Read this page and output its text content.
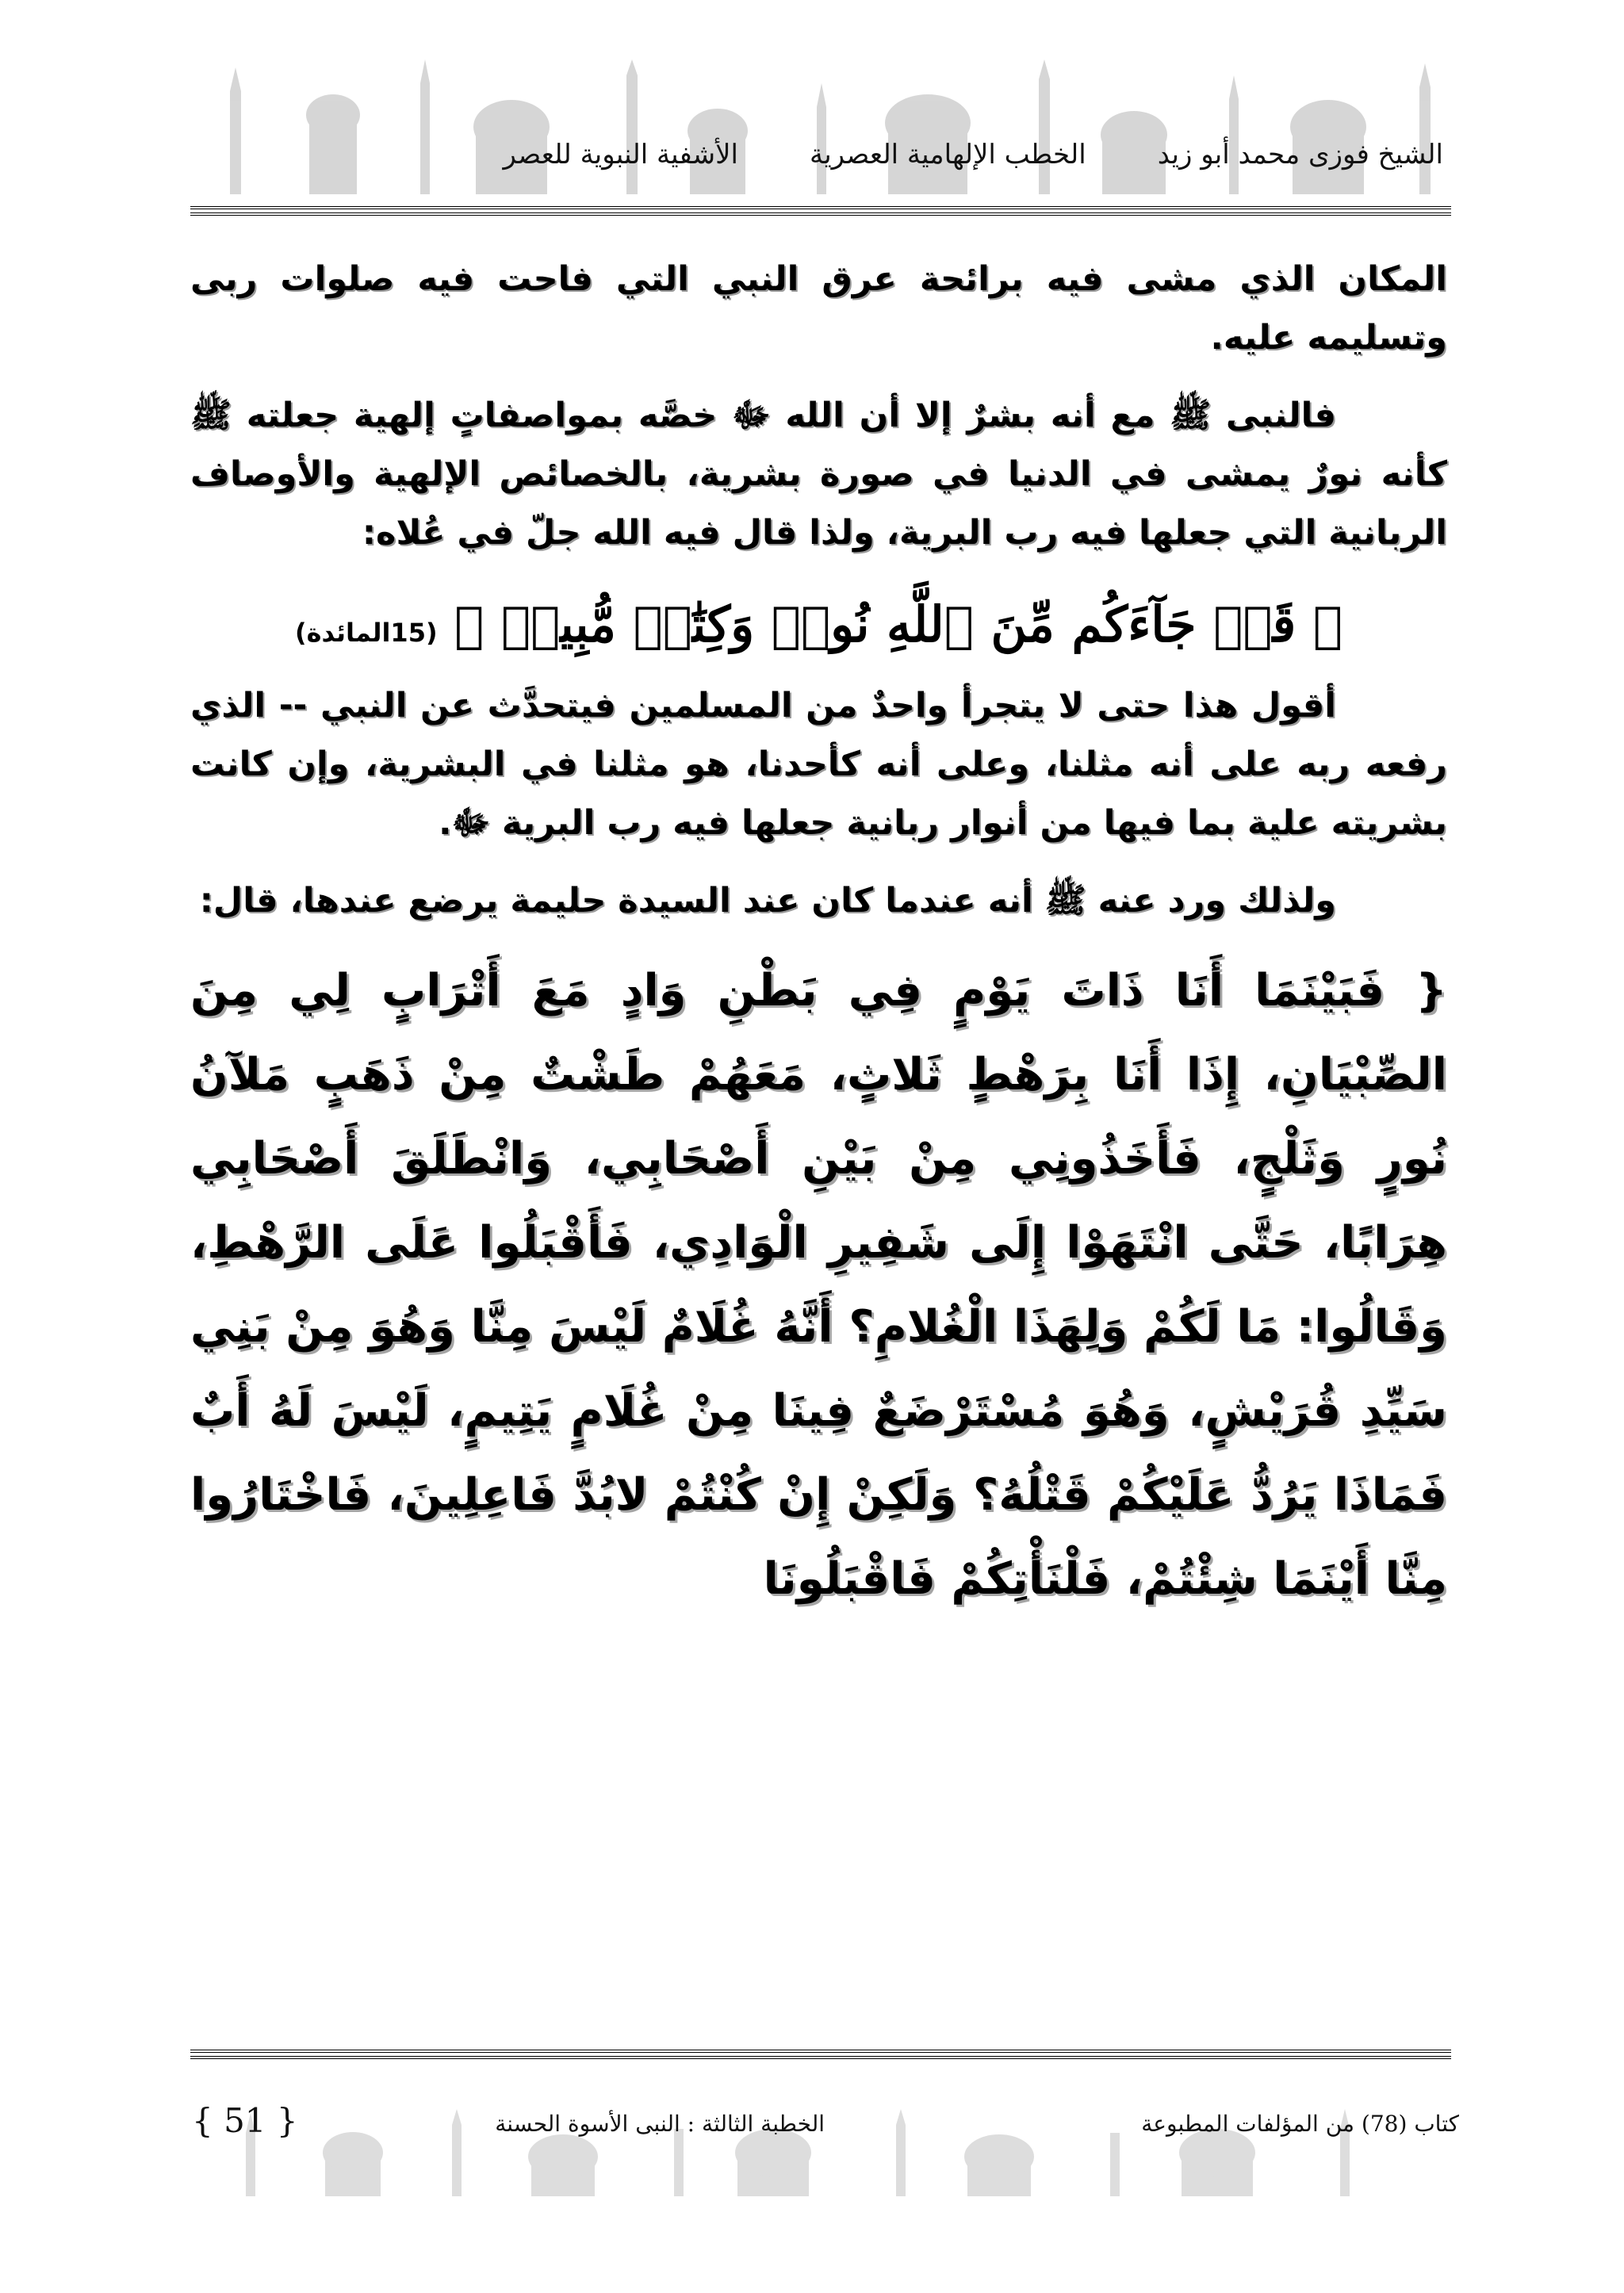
الشيخ فوزى محمد أبو زيد
الخطب الإلهامية العصرية
الأشفية النبوية للعصر

المكان الذي مشى فيه برائحة عرق النبي التي فاحت فيه صلوات ربى وتسليمه عليه.

فالنبى ﷺ مع أنه بشرٌ إلا أن الله ﷻ خصَّه بمواصفاتٍ إلهية جعلته ﷺ كأنه نورٌ يمشى في الدنيا في صورة بشرية، بالخصائص الإلهية والأوصاف الربانية التي جعلها فيه رب البرية، ولذا قال فيه الله جلّ في عُلاه:

﴿ قَدۡ جَآءَكُم مِّنَ ٱللَّهِ نُورٞ وَكِتَٰبٞ مُّبِينٞ ﴾ (15المائدة)

أقول هذا حتى لا يتجرأ واحدٌ من المسلمين فيتحدَّث عن النبي -- الذي رفعه ربه على أنه مثلنا، وعلى أنه كأحدنا، هو مثلنا في البشرية، وإن كانت بشريته علية بما فيها من أنوار ربانية جعلها فيه رب البرية ﷻ.

ولذلك ورد عنه ﷺ أنه عندما كان عند السيدة حليمة يرضع عندها، قال:

{ فَبَيْنَمَا أَنَا ذَاتَ يَوْمٍ فِي بَطْنِ وَادٍ مَعَ أَتْرَابٍ لِي مِنَ الصِّبْيَانِ، إِذَا أَنَا بِرَهْطٍ ثَلاثٍ، مَعَهُمْ طَشْتٌ مِنْ ذَهَبٍ مَلآنُ نُورٍ وَثَلْجٍ، فَأَخَذُونِي مِنْ بَيْنِ أَصْحَابِي، وَانْطَلَقَ أَصْحَابِي هِرَابًا، حَتَّى انْتَهَوْا إِلَى شَفِيرِ الْوَادِي، فَأَقْبَلُوا عَلَى الرَّهْطِ، وَقَالُوا: مَا لَكُمْ وَلِهَذَا الْغُلامِ؟ أَنَّهُ غُلَامٌ لَيْسَ مِنَّا وَهُوَ مِنْ بَنِي سَيِّدِ قُرَيْشٍ، وَهُوَ مُسْتَرْضَعٌ فِينَا مِنْ غُلَامٍ يَتِيمٍ، لَيْسَ لَهُ أَبٌ فَمَاذَا يَرُدُّ عَلَيْكُمْ قَتْلُهُ؟ وَلَكِنْ إِنْ كُنْتُمْ لابُدَّ فَاعِلِينَ، فَاخْتَارُوا مِنَّا أَيْنَمَا شِئْتُمْ، فَلْنَأْتِكُمْ فَاقْبَلُونَا

كتاب (78) من المؤلفات المطبوعة
الخطبة الثالثة : النبى الأسوة الحسنة
{ 51 }
